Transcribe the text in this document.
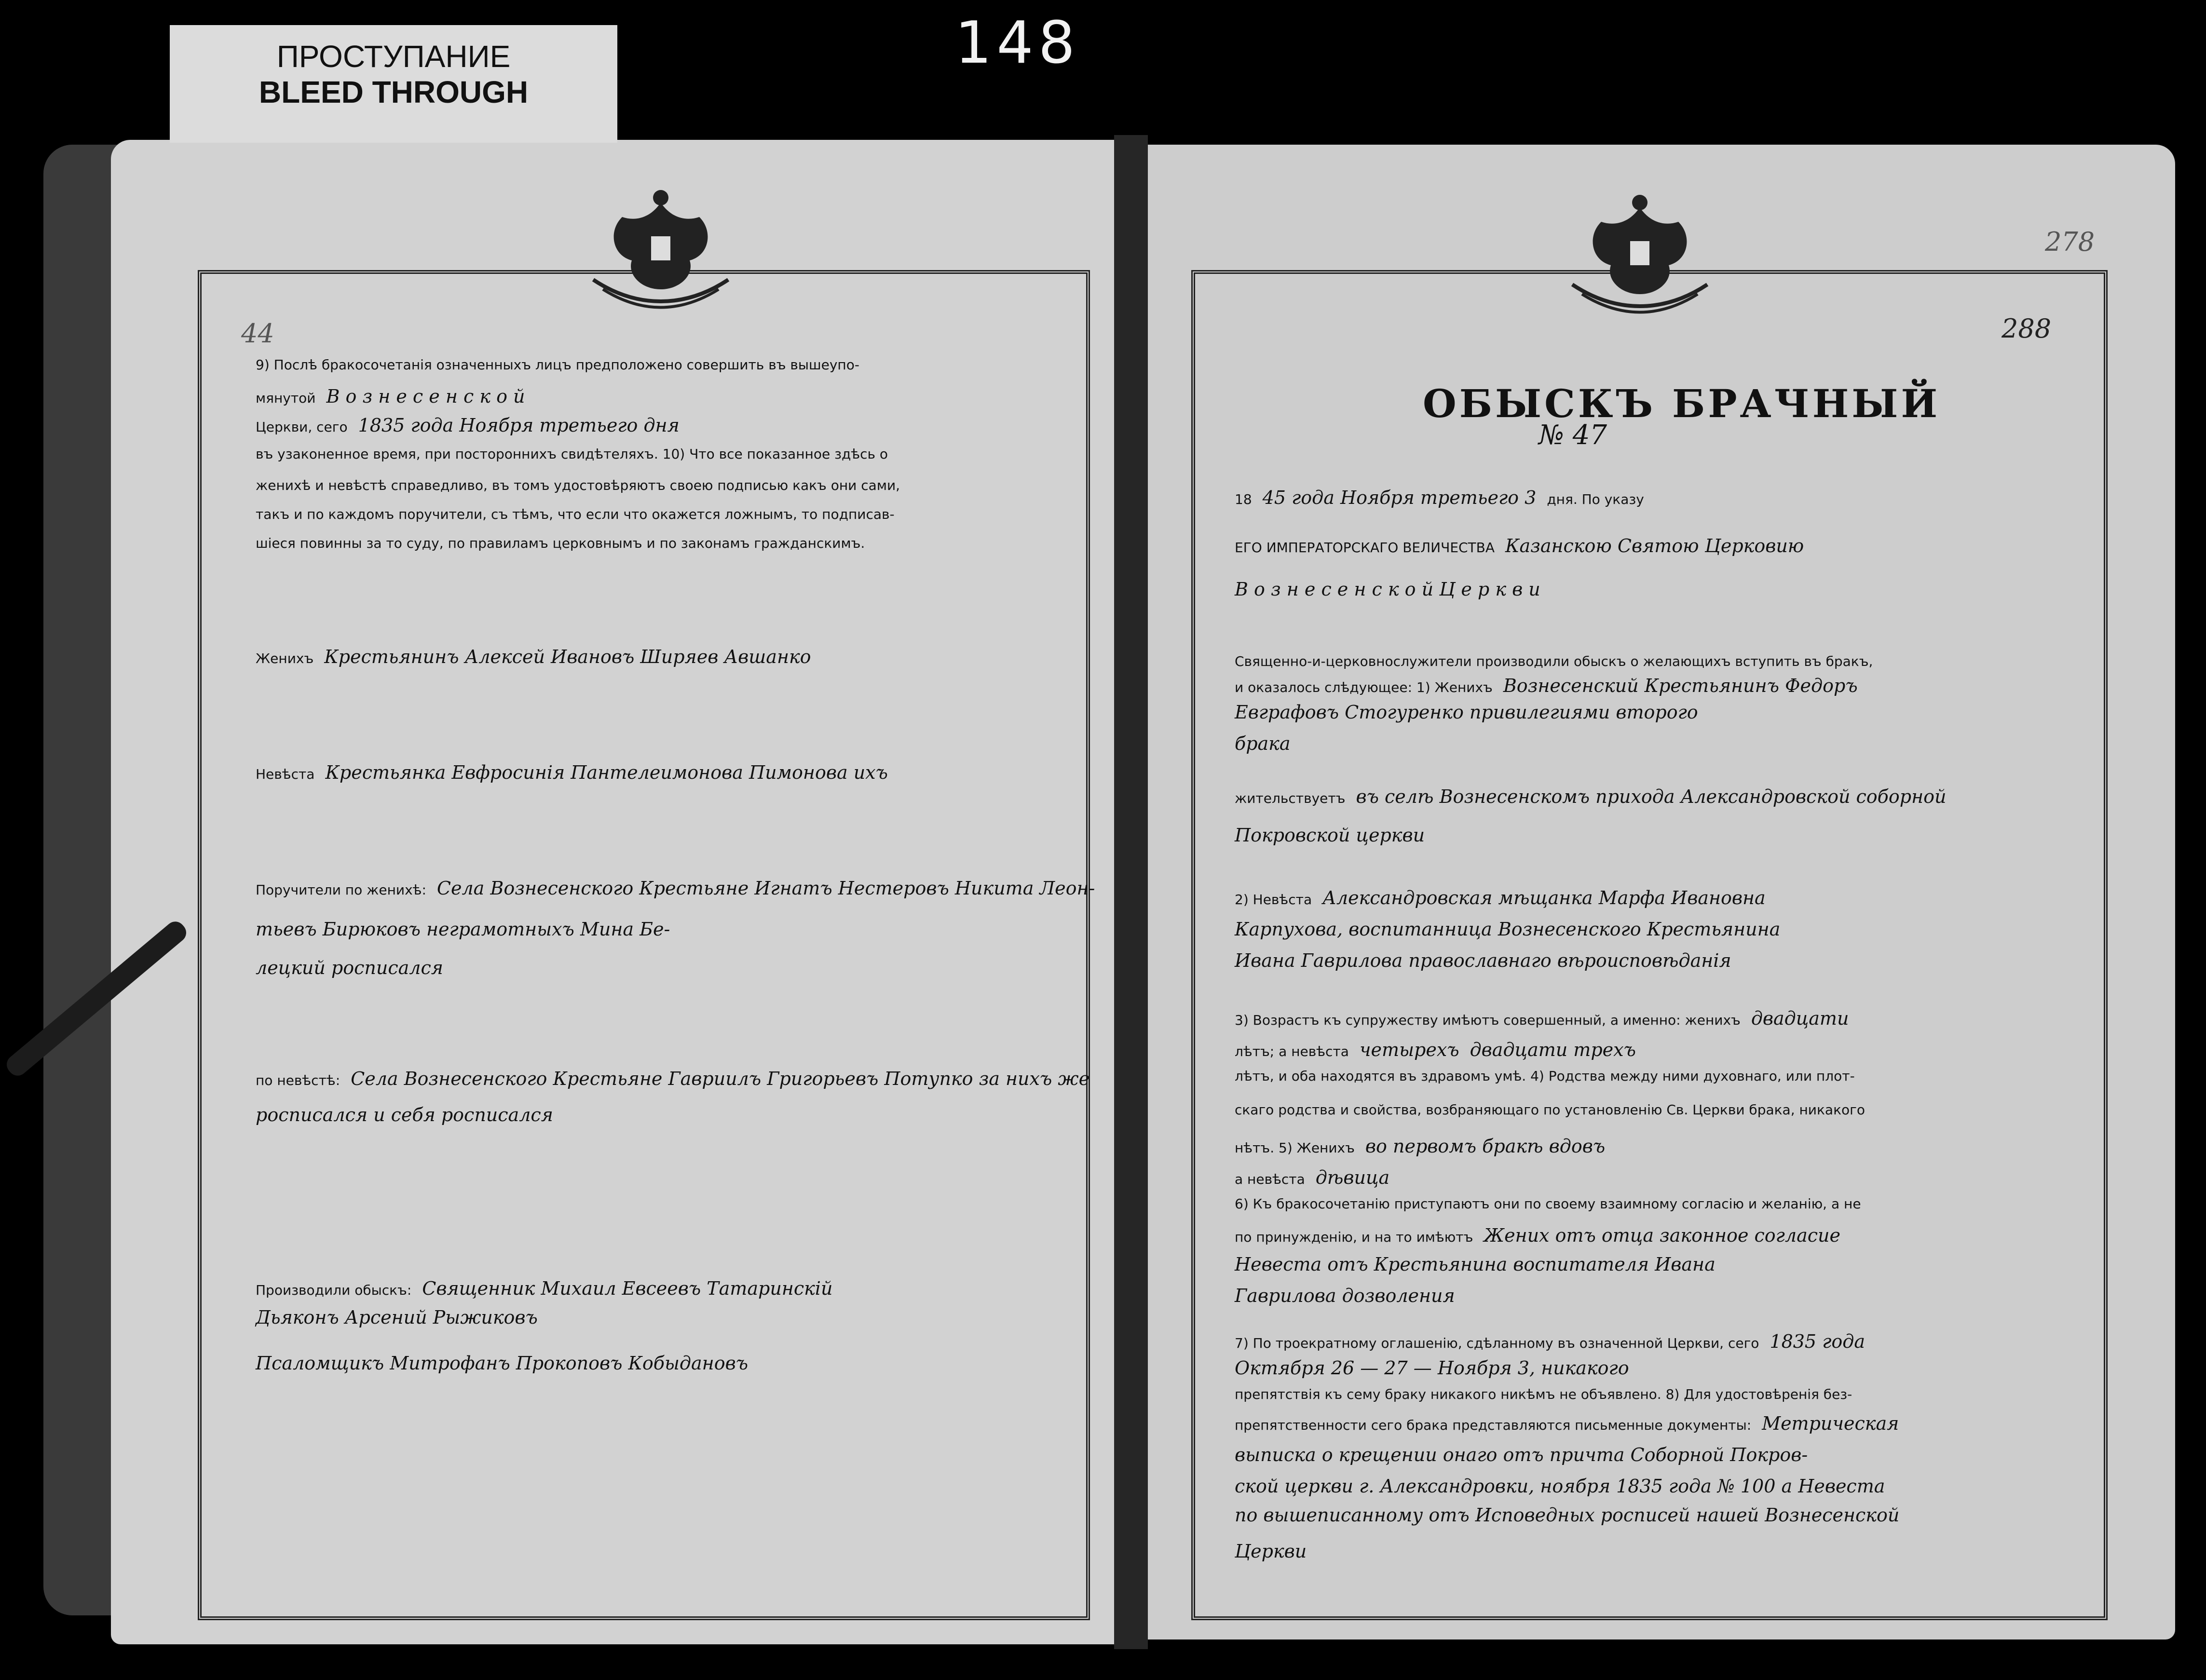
ПРОСТУПАНИЕ
BLEED THROUGH
148
278
288
44
ОБЫСКЪ БРАЧНЫЙ
№ 47
18 45 года Ноября третьего 3 дня. По указу
ЕГО ИМПЕРАТОРСКАГО ВЕЛИЧЕСТВА Казанскою Святою Церковию
В о з н е с е н с к о й Ц е р к в и
Священно-и-церковнослужители производили обыскъ о желающихъ вступить въ бракъ,
и оказалось слѣдующее: 1) Женихъ Вознесенский Крестьянинъ Федоръ
Евграфовъ Стогуренко привилегиями второго
брака
жительствуетъ въ селѣ Вознесенскомъ прихода Александровской соборной
Покровской церкви
2) Невѣста Александровская мѣщанка Марфа Ивановна
Карпухова, воспитанница Вознесенского Крестьянина
Ивана Гаврилова православнаго вѣроисповѣданія
3) Возрастъ къ супружеству имѣютъ совершенный, а именно: женихъ двадцати
лѣтъ; а невѣста четырехъ двадцати трехъ
лѣтъ, и оба находятся въ здравомъ умѣ. 4) Родства между ними духовнаго, или плот-
скаго родства и свойства, возбраняющаго по установленію Св. Церкви брака, никакого
нѣтъ. 5) Женихъ во первомъ бракѣ вдовъ
а невѣста дѣвица
6) Къ бракосочетанію приступаютъ они по своему взаимному согласію и желанію, а не
по принужденію, и на то имѣютъ Жених отъ отца законное согласие
Невеста отъ Крестьянина воспитателя Ивана
Гаврилова дозволения
7) По троекратному оглашенію, сдѣланному въ означенной Церкви, сего 1835 года
Октября 26 — 27 — Ноября 3, никакого
препятствія къ сему браку никакого никѣмъ не объявлено. 8) Для удостовѣренія без-
препятственности сего брака представляются письменные документы: Метрическая
выписка о крещении онаго отъ причта Соборной Покров-
ской церкви г. Александровки, ноября 1835 года № 100 а Невеста
по вышеписанному отъ Исповедных росписей нашей Вознесенской
Церкви
9) Послѣ бракосочетанія означенныхъ лицъ предположено совершить въ вышеупо-
мянутой В о з н е с е н с к о й
Церкви, сего 1835 года Ноября третьего дня
въ узаконенное время, при постороннихъ свидѣтеляхъ. 10) Что все показанное здѣсь о
женихѣ и невѣстѣ справедливо, въ томъ удостовѣряютъ своею подписью какъ они сами,
такъ и по каждомъ поручители, съ тѣмъ, что если что окажется ложнымъ, то подписав-
шіеся повинны за то суду, по правиламъ церковнымъ и по законамъ гражданскимъ.
Женихъ Крестьянинъ Алексей Ивановъ Ширяев Авшанко
Невѣста Крестьянка Евфросинія Пантелеимонова Пимонова ихъ
Поручители по женихѣ: Села Вознесенского Крестьяне Игнатъ Нестеровъ Никита Леон-
тьевъ Бирюковъ неграмотныхъ Мина Бе-
лецкий росписался
по невѣстѣ: Села Вознесенского Крестьяне Гавриилъ Григорьевъ Потупко за нихъ же
росписался и себя росписался
Производили обыскъ: Священник Михаил Евсеевъ Татаринскій
Дьяконъ Арсений Рыжиковъ
Псаломщикъ Митрофанъ Прокоповъ Кобыдановъ
